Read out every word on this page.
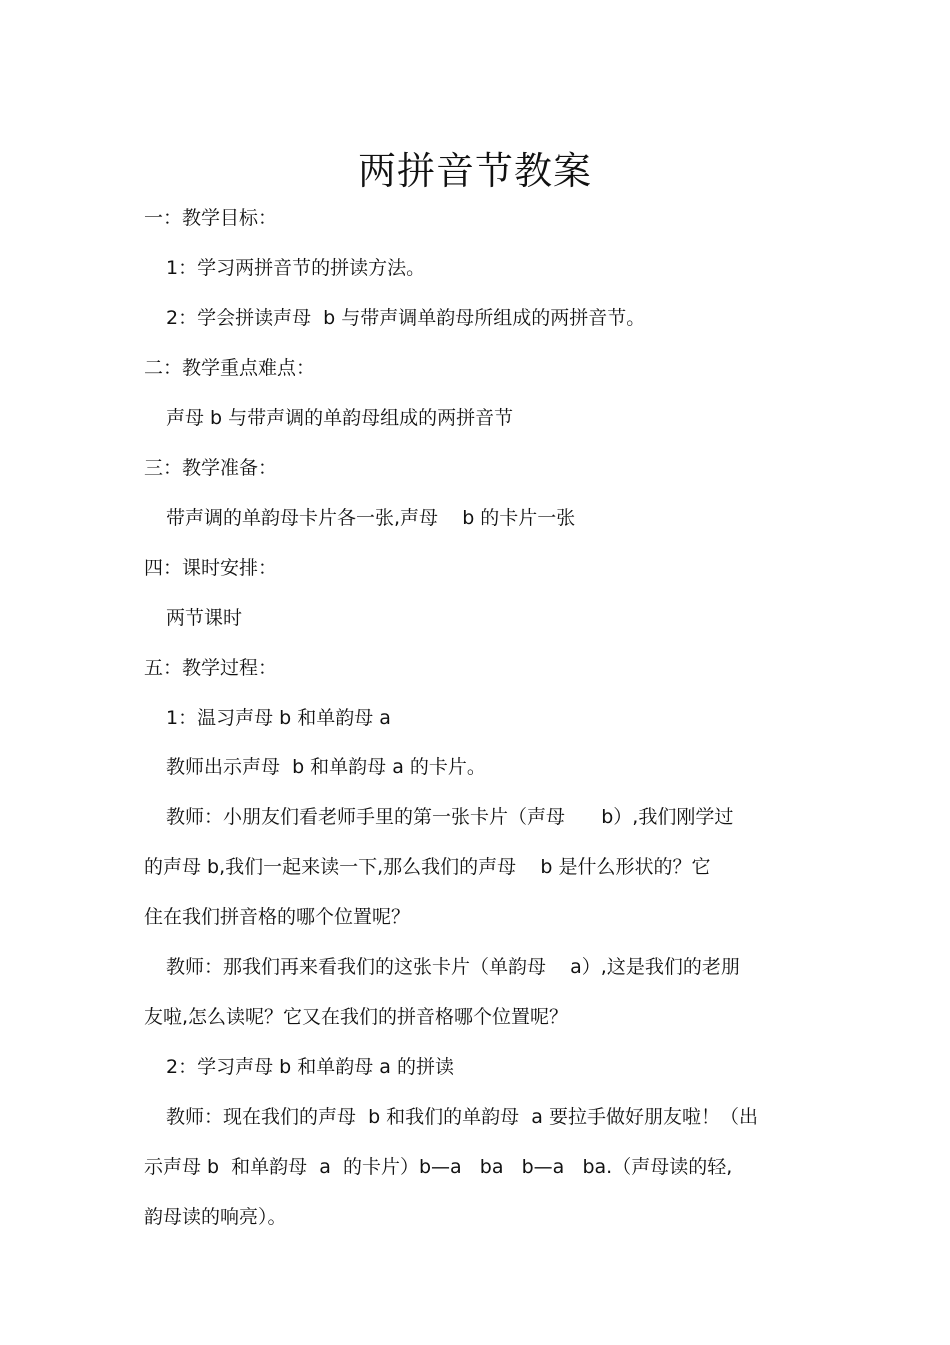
两拼音节教案
一：教学目标：
1：学习两拼音节的拼读方法。
2：学会拼读声母  b 与带声调单韵母所组成的两拼音节。
二：教学重点难点：
声母 b 与带声调的单韵母组成的两拼音节
三：教学准备：
带声调的单韵母卡片各一张,声母    b 的卡片一张
四：课时安排：
两节课时
五：教学过程：
1：温习声母 b 和单韵母 a
教师出示声母  b 和单韵母 a 的卡片。
教师：小朋友们看老师手里的第一张卡片（声母      b）,我们刚学过
的声母 b,我们一起来读一下,那么我们的声母    b 是什么形状的？它
住在我们拼音格的哪个位置呢？
教师：那我们再来看我们的这张卡片（单韵母    a）,这是我们的老朋
友啦,怎么读呢？它又在我们的拼音格哪个位置呢？
2：学习声母 b 和单韵母 a 的拼读
教师：现在我们的声母  b 和我们的单韵母  a 要拉手做好朋友啦！（出
示声母 b  和单韵母  a  的卡片）b—a   ba   b—a   ba.（声母读的轻,
韵母读的响亮）。
